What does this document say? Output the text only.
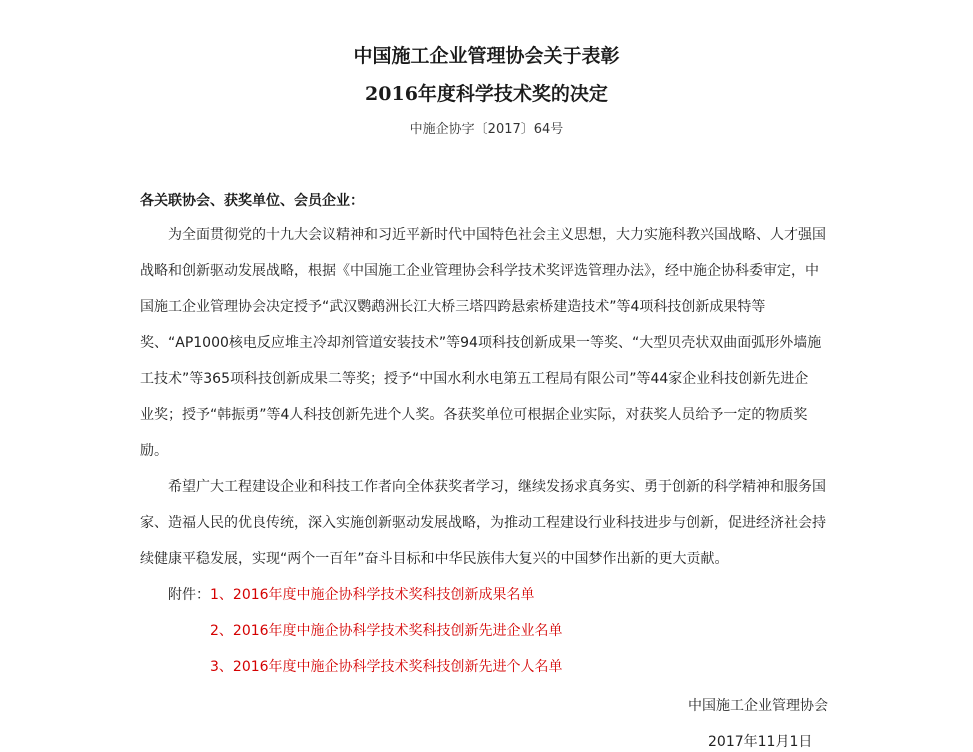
中国施工企业管理协会关于表彰
2016年度科学技术奖的决定
中施企协字〔2017〕64号
各关联协会、获奖单位、会员企业：
为全面贯彻党的十九大会议精神和习近平新时代中国特色社会主义思想，大力实施科教兴国战略、人才强国
战略和创新驱动发展战略，根据《中国施工企业管理协会科学技术奖评选管理办法》，经中施企协科委审定，中
国施工企业管理协会决定授予“武汉鹦鹉洲长江大桥三塔四跨悬索桥建造技术”等4项科技创新成果特等
奖、“AP1000核电反应堆主冷却剂管道安装技术”等94项科技创新成果一等奖、“大型贝壳状双曲面弧形外墙施
工技术”等365项科技创新成果二等奖；授予“中国水利水电第五工程局有限公司”等44家企业科技创新先进企
业奖；授予“韩振勇”等4人科技创新先进个人奖。各获奖单位可根据企业实际，对获奖人员给予一定的物质奖
励。
希望广大工程建设企业和科技工作者向全体获奖者学习，继续发扬求真务实、勇于创新的科学精神和服务国
家、造福人民的优良传统，深入实施创新驱动发展战略，为推动工程建设行业科技进步与创新，促进经济社会持
续健康平稳发展，实现“两个一百年”奋斗目标和中华民族伟大复兴的中国梦作出新的更大贡献。
附件：1、2016年度中施企协科学技术奖科技创新成果名单
2、2016年度中施企协科学技术奖科技创新先进企业名单
3、2016年度中施企协科学技术奖科技创新先进个人名单
中国施工企业管理协会
2017年11月1日
